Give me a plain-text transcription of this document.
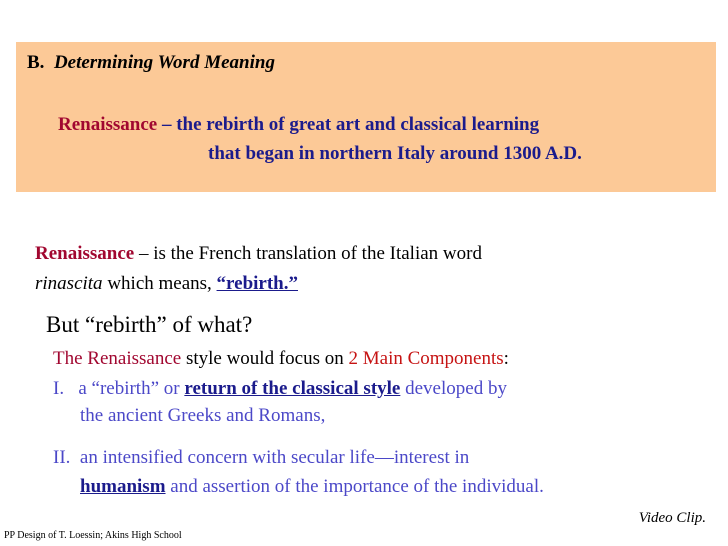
B. Determining Word Meaning
Renaissance – the rebirth of great art and classical learning
that began in northern Italy around 1300 A.D.
Renaissance – is the French translation of the Italian word
rinascita which means, “rebirth.”
But “rebirth” of what?
The Renaissance style would focus on 2 Main Components:
I. a “rebirth” or return of the classical style developed by
the ancient Greeks and Romans,
II. an intensified concern with secular life—interest in
humanism and assertion of the importance of the individual.
Video Clip.
PP Design of T. Loessin; Akins High School
